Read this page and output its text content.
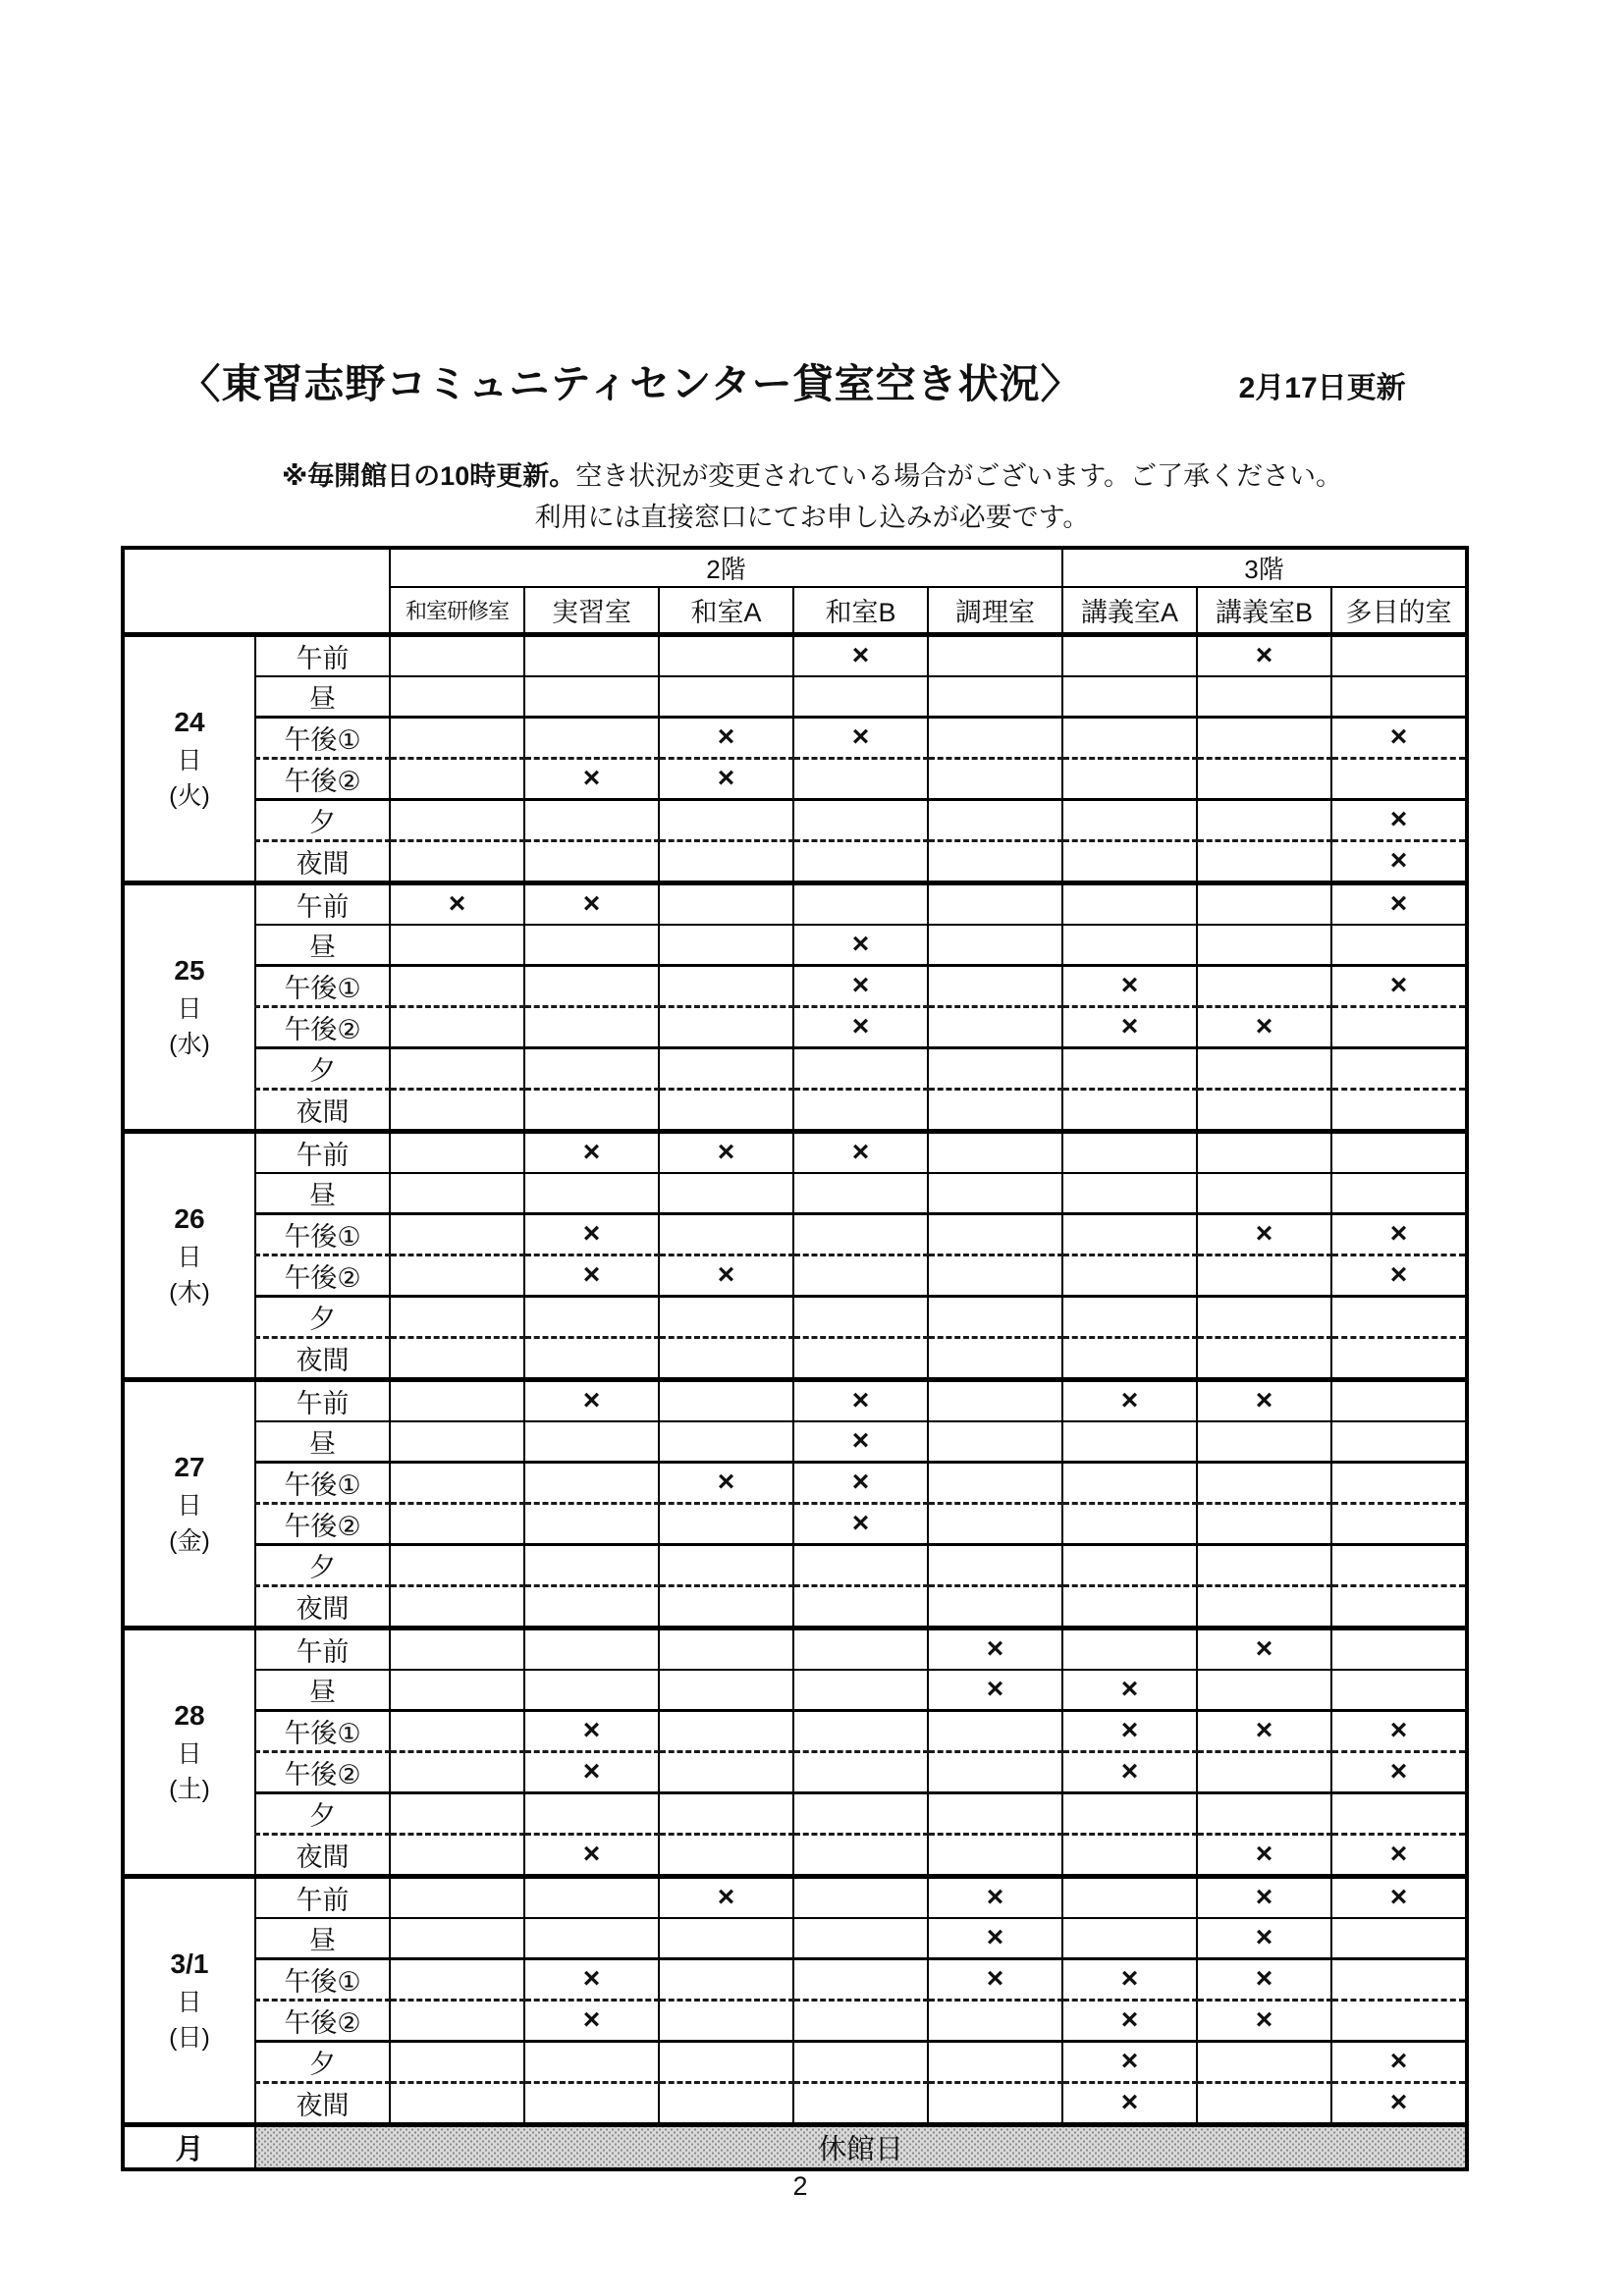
〈東習志野コミュニティセンター貸室空き状況〉	2月17日更新
※毎開館日の10時更新。空き状況が変更されている場合がございます。ご了承ください。
利用には直接窓口にてお申し込みが必要です。
		2階					3階		
		和室研修室	実習室	和室A	和室B	調理室	講義室A	講義室B	多目的室

24
日
(火)	午前				×			×	
	昼								
	午後①			×	×				×
	午後②		×	×					
	夕								×
	夜間								×

25
日
(水)	午前	×	×						×
	昼				×				
	午後①				×		×		×
	午後②				×		×	×	
	夕								
	夜間								

26
日
(木)	午前		×	×	×				
	昼								
	午後①		×					×	×
	午後②		×	×					×
	夕								
	夜間								

27
日
(金)	午前		×		×		×	×	
	昼				×				
	午後①			×	×				
	午後②				×				
	夕								
	夜間								

28
日
(土)	午前					×		×	
	昼					×	×		
	午後①		×				×	×	×
	午後②		×				×		×
	夕								
	夜間		×					×	×

3/1
日
(日)	午前			×		×		×	×
	昼					×		×	
	午後①		×			×	×	×	
	午後②		×				×	×	
	夕						×		×
	夜間						×		×
月	休館日								
2
